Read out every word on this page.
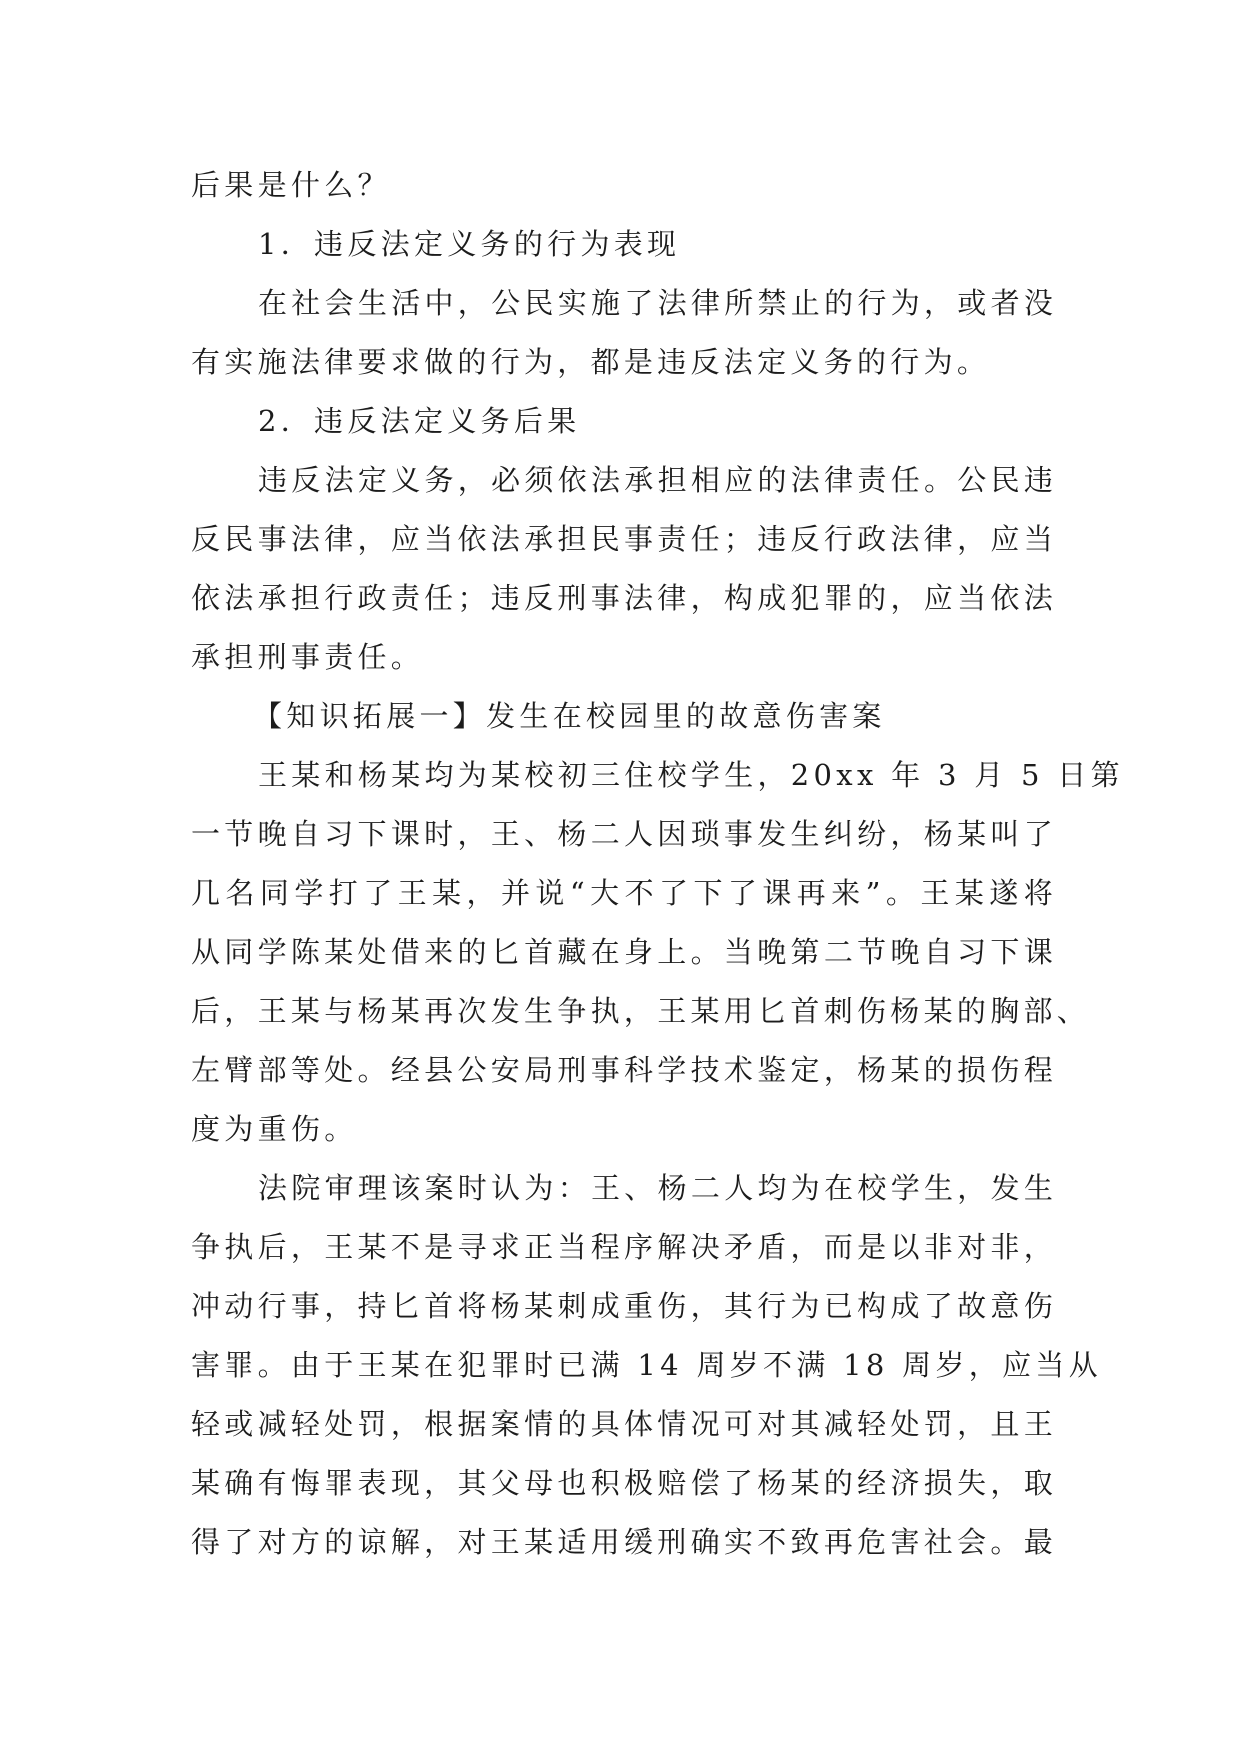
后果是什么？
1．违反法定义务的行为表现
在社会生活中，公民实施了法律所禁止的行为，或者没
有实施法律要求做的行为，都是违反法定义务的行为。
2．违反法定义务后果
违反法定义务，必须依法承担相应的法律责任。公民违
反民事法律，应当依法承担民事责任；违反行政法律，应当
依法承担行政责任；违反刑事法律，构成犯罪的，应当依法
承担刑事责任。
【知识拓展一】发生在校园里的故意伤害案
王某和杨某均为某校初三住校学生，20xx 年 3 月 5 日第
一节晚自习下课时，王、杨二人因琐事发生纠纷，杨某叫了
几名同学打了王某，并说“大不了下了课再来”。王某遂将
从同学陈某处借来的匕首藏在身上。当晚第二节晚自习下课
后，王某与杨某再次发生争执，王某用匕首刺伤杨某的胸部、
左臂部等处。经县公安局刑事科学技术鉴定，杨某的损伤程
度为重伤。
法院审理该案时认为：王、杨二人均为在校学生，发生
争执后，王某不是寻求正当程序解决矛盾，而是以非对非，
冲动行事，持匕首将杨某刺成重伤，其行为已构成了故意伤
害罪。由于王某在犯罪时已满 14 周岁不满 18 周岁，应当从
轻或减轻处罚，根据案情的具体情况可对其减轻处罚，且王
某确有悔罪表现，其父母也积极赔偿了杨某的经济损失，取
得了对方的谅解，对王某适用缓刑确实不致再危害社会。最
